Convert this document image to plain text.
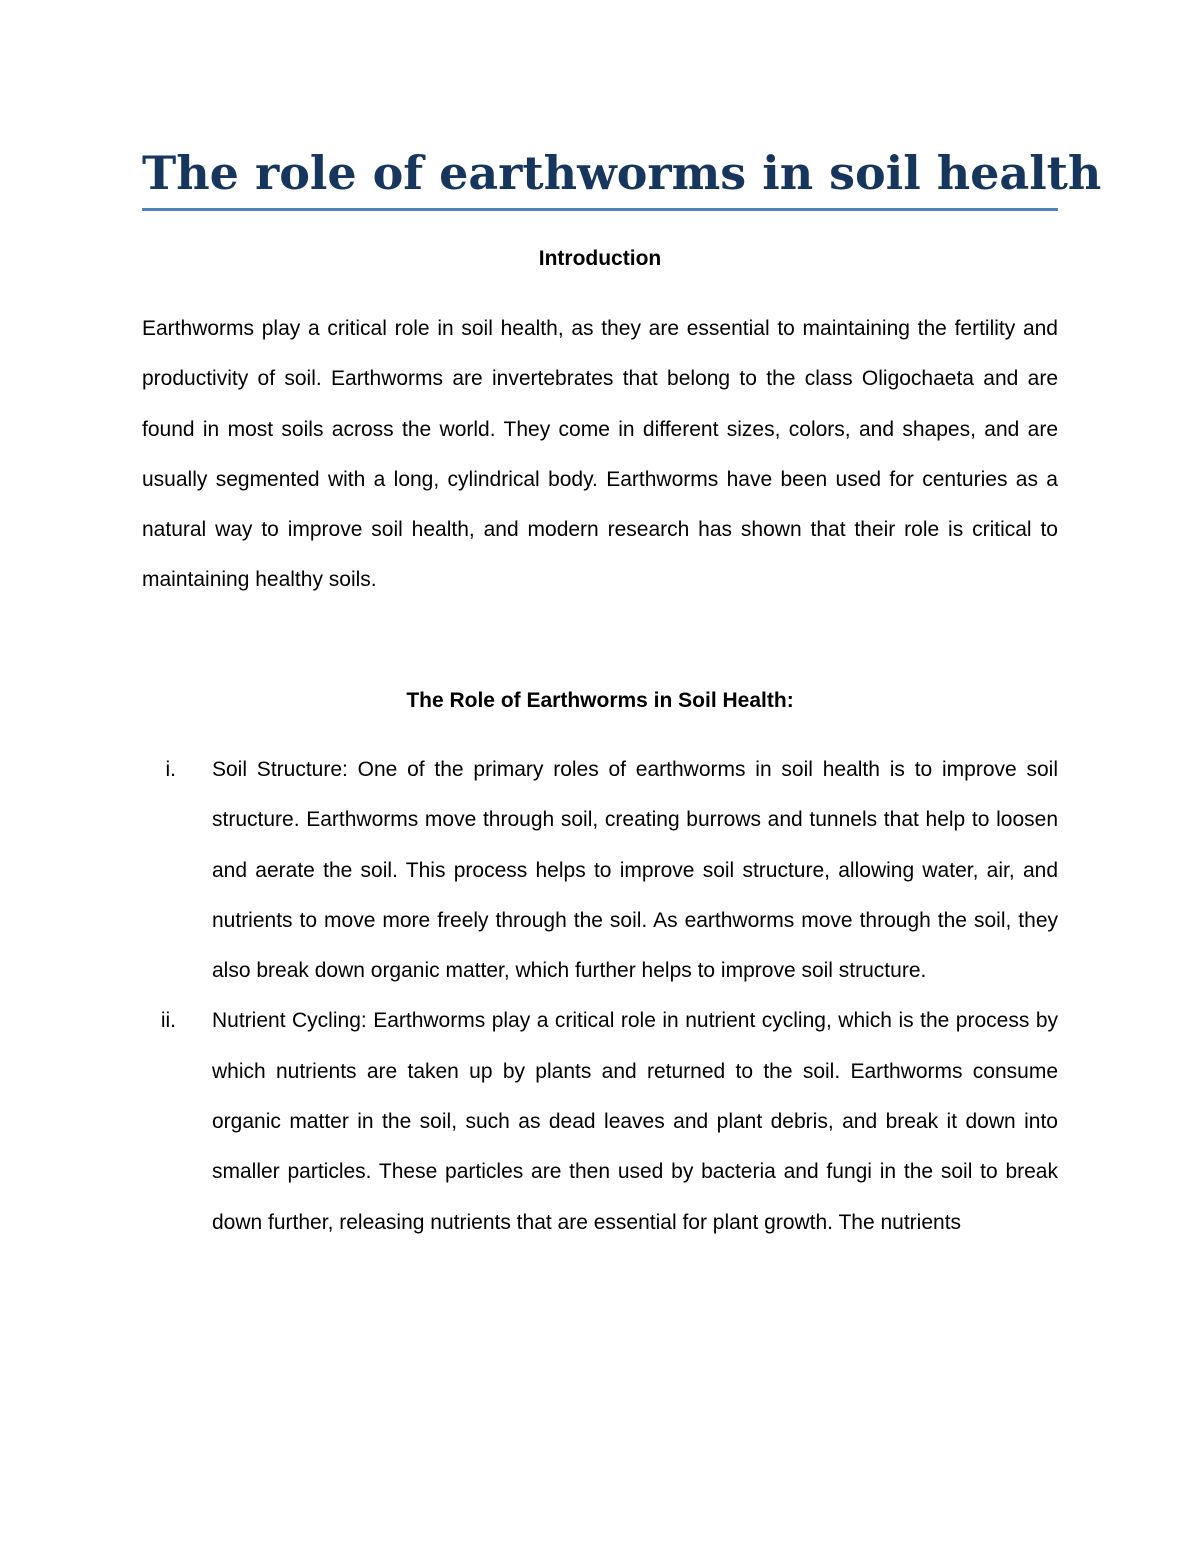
The role of earthworms in soil health
Introduction

Earthworms play a critical role in soil health, as they are essential to maintaining the fertility and productivity of soil. Earthworms are invertebrates that belong to the class Oligochaeta and are found in most soils across the world. They come in different sizes, colors, and shapes, and are usually segmented with a long, cylindrical body. Earthworms have been used for centuries as a natural way to improve soil health, and modern research has shown that their role is critical to maintaining healthy soils.

The Role of Earthworms in Soil Health:
i. Soil Structure: One of the primary roles of earthworms in soil health is to improve soil structure. Earthworms move through soil, creating burrows and tunnels that help to loosen and aerate the soil. This process helps to improve soil structure, allowing water, air, and nutrients to move more freely through the soil. As earthworms move through the soil, they also break down organic matter, which further helps to improve soil structure.
ii. Nutrient Cycling: Earthworms play a critical role in nutrient cycling, which is the process by which nutrients are taken up by plants and returned to the soil. Earthworms consume organic matter in the soil, such as dead leaves and plant debris, and break it down into smaller particles. These particles are then used by bacteria and fungi in the soil to break down further, releasing nutrients that are essential for plant growth. The nutrients
